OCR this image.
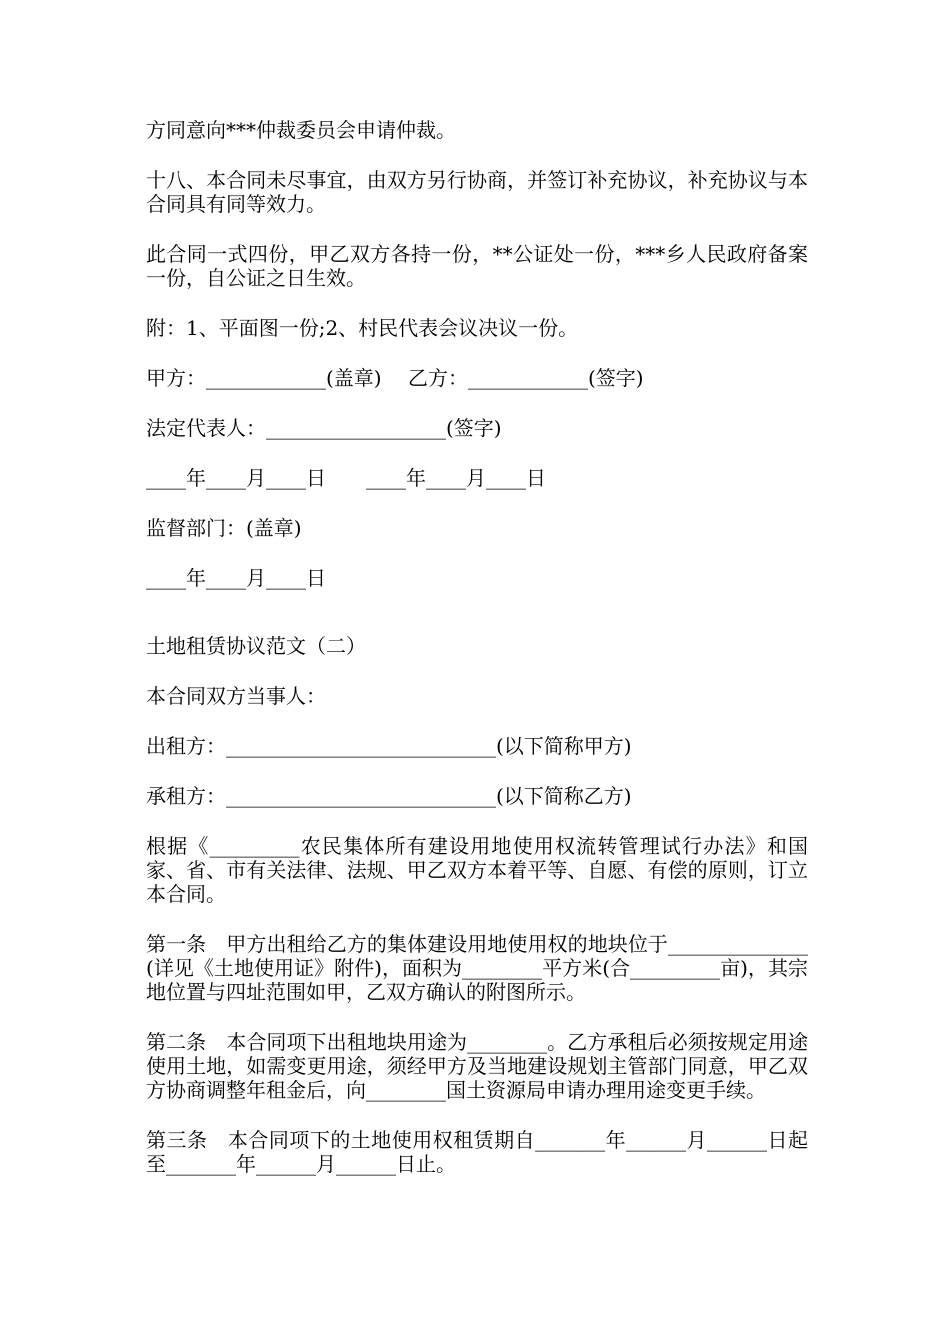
方同意向***仲裁委员会申请仲裁。

十八、本合同未尽事宜，由双方另行协商，并签订补充协议，补充协议与本合同具有同等效力。

此合同一式四份，甲乙双方各持一份，**公证处一份，***乡人民政府备案一份，自公证之日生效。

附：1、平面图一份;2、村民代表会议决议一份。

甲方：____________(盖章)　 乙方：____________(签字)

法定代表人：__________________(签字)

____年____月____日　　____年____月____日

监督部门：(盖章)

____年____月____日

土地租赁协议范文（二）

本合同双方当事人：

出租方：___________________________(以下简称甲方)

承租方：___________________________(以下简称乙方)

根据《_________农民集体所有建设用地使用权流转管理试行办法》和国家、省、市有关法律、法规、甲乙双方本着平等、自愿、有偿的原则，订立本合同。

第一条　甲方出租给乙方的集体建设用地使用权的地块位于______________(详见《土地使用证》附件)，面积为________平方米(合_________亩)，其宗地位置与四址范围如甲，乙双方确认的附图所示。

第二条　本合同项下出租地块用途为________。乙方承租后必须按规定用途使用土地，如需变更用途，须经甲方及当地建设规划主管部门同意，甲乙双方协商调整年租金后，向________国土资源局申请办理用途变更手续。

第三条　本合同项下的土地使用权租赁期自_______年______月______日起至_______年______月______日止。
